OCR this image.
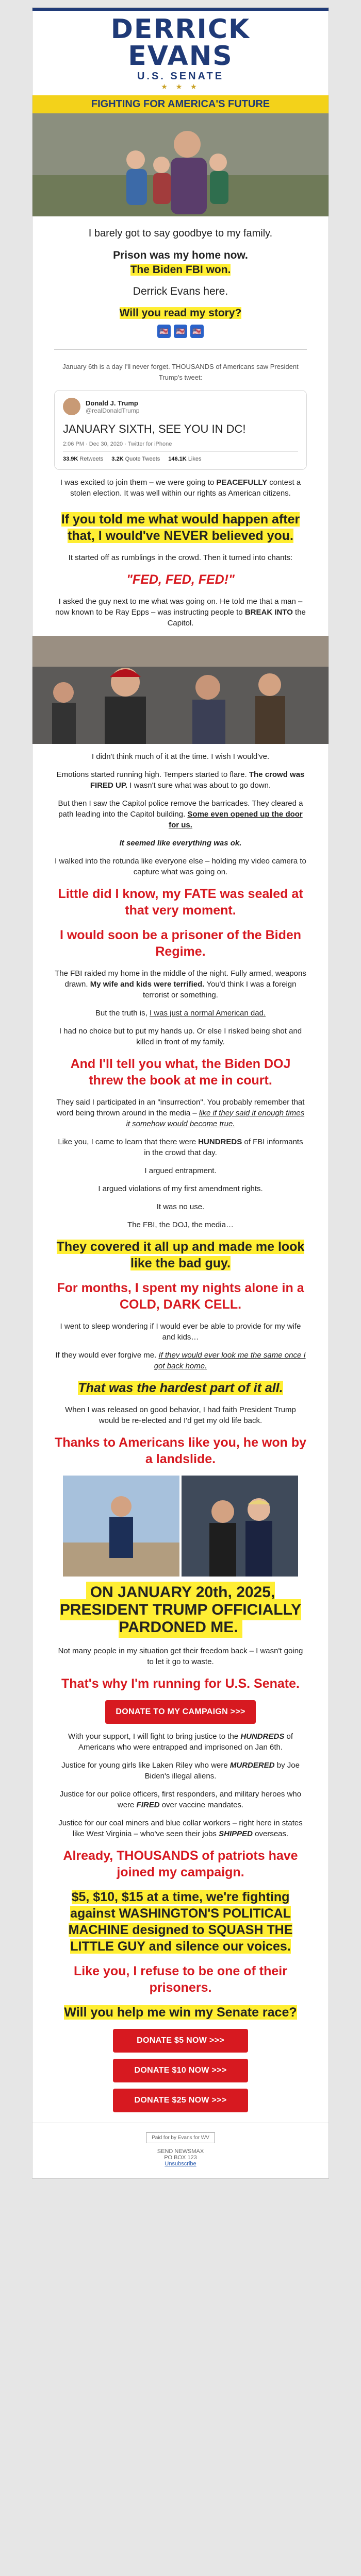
DERRICK
EVANS
U.S. SENATE
★ ★ ★
FIGHTING FOR AMERICA'S FUTURE

I barely got to say goodbye to my family.

Prison was my home now.
The Biden FBI won.

Derrick Evans here.

Will you read my story?
🇺🇸	🇺🇸	🇺🇸

January 6th is a day I'll never forget. THOUSANDS of Americans saw President Trump's tweet:

Donald J. Trump
@realDonaldTrump
JANUARY SIXTH, SEE YOU IN DC!
2:06 PM · Dec 30, 2020 · Twitter for iPhone
33.9K Retweets 3.2K Quote Tweets 146.1K Likes

I was excited to join them – we were going to PEACEFULLY contest a stolen election. It was well within our rights as American citizens.

If you told me what would happen after that, I would've NEVER believed you.

It started off as rumblings in the crowd. Then it turned into chants:

"FED, FED, FED!"

I asked the guy next to me what was going on. He told me that a man – now known to be Ray Epps – was instructing people to BREAK INTO the Capitol.

I didn't think much of it at the time. I wish I would've.

Emotions started running high. Tempers started to flare. The crowd was FIRED UP. I wasn't sure what was about to go down.

But then I saw the Capitol police remove the barricades. They cleared a path leading into the Capitol building. Some even opened up the door for us.

It seemed like everything was ok.

I walked into the rotunda like everyone else – holding my video camera to capture what was going on.

Little did I know, my FATE was sealed at that very moment.
I would soon be a prisoner of the Biden Regime.

The FBI raided my home in the middle of the night. Fully armed, weapons drawn. My wife and kids were terrified. You'd think I was a foreign terrorist or something.

But the truth is, I was just a normal American dad.

I had no choice but to put my hands up. Or else I risked being shot and killed in front of my family.

And I'll tell you what, the Biden DOJ threw the book at me in court.

They said I participated in an "insurrection". You probably remember that word being thrown around in the media – like if they said it enough times it somehow would become true.

Like you, I came to learn that there were HUNDREDS of FBI informants in the crowd that day.

I argued entrapment.

I argued violations of my first amendment rights.

It was no use.

The FBI, the DOJ, the media…

They covered it all up and made me look like the bad guy.
For months, I spent my nights alone in a COLD, DARK CELL.

I went to sleep wondering if I would ever be able to provide for my wife and kids…

If they would ever forgive me. If they would ever look me the same once I got back home.

That was the hardest part of it all.

When I was released on good behavior, I had faith President Trump would be re-elected and I'd get my old life back.

Thanks to Americans like you, he won by a landslide.
ON JANUARY 20th, 2025, PRESIDENT TRUMP OFFICIALLY PARDONED ME.

Not many people in my situation get their freedom back – I wasn't going to let it go to waste.

That's why I'm running for U.S. Senate.
DONATE TO MY CAMPAIGN >>>

With your support, I will fight to bring justice to the HUNDREDS of Americans who were entrapped and imprisoned on Jan 6th.

Justice for young girls like Laken Riley who were MURDERED by Joe Biden's illegal aliens.

Justice for our police officers, first responders, and military heroes who were FIRED over vaccine mandates.

Justice for our coal miners and blue collar workers – right here in states like West Virginia – who've seen their jobs SHIPPED overseas.

Already, THOUSANDS of patriots have joined my campaign.
$5, $10, $15 at a time, we're fighting against WASHINGTON'S POLITICAL MACHINE designed to SQUASH THE LITTLE GUY and silence our voices.
Like you, I refuse to be one of their prisoners.
Will you help me win my Senate race?
DONATE $5 NOW >>>
DONATE $10 NOW >>>
DONATE $25 NOW >>>
Paid for by Evans for WV
SEND NEWSMAX
PO BOX 123
Unsubscribe
